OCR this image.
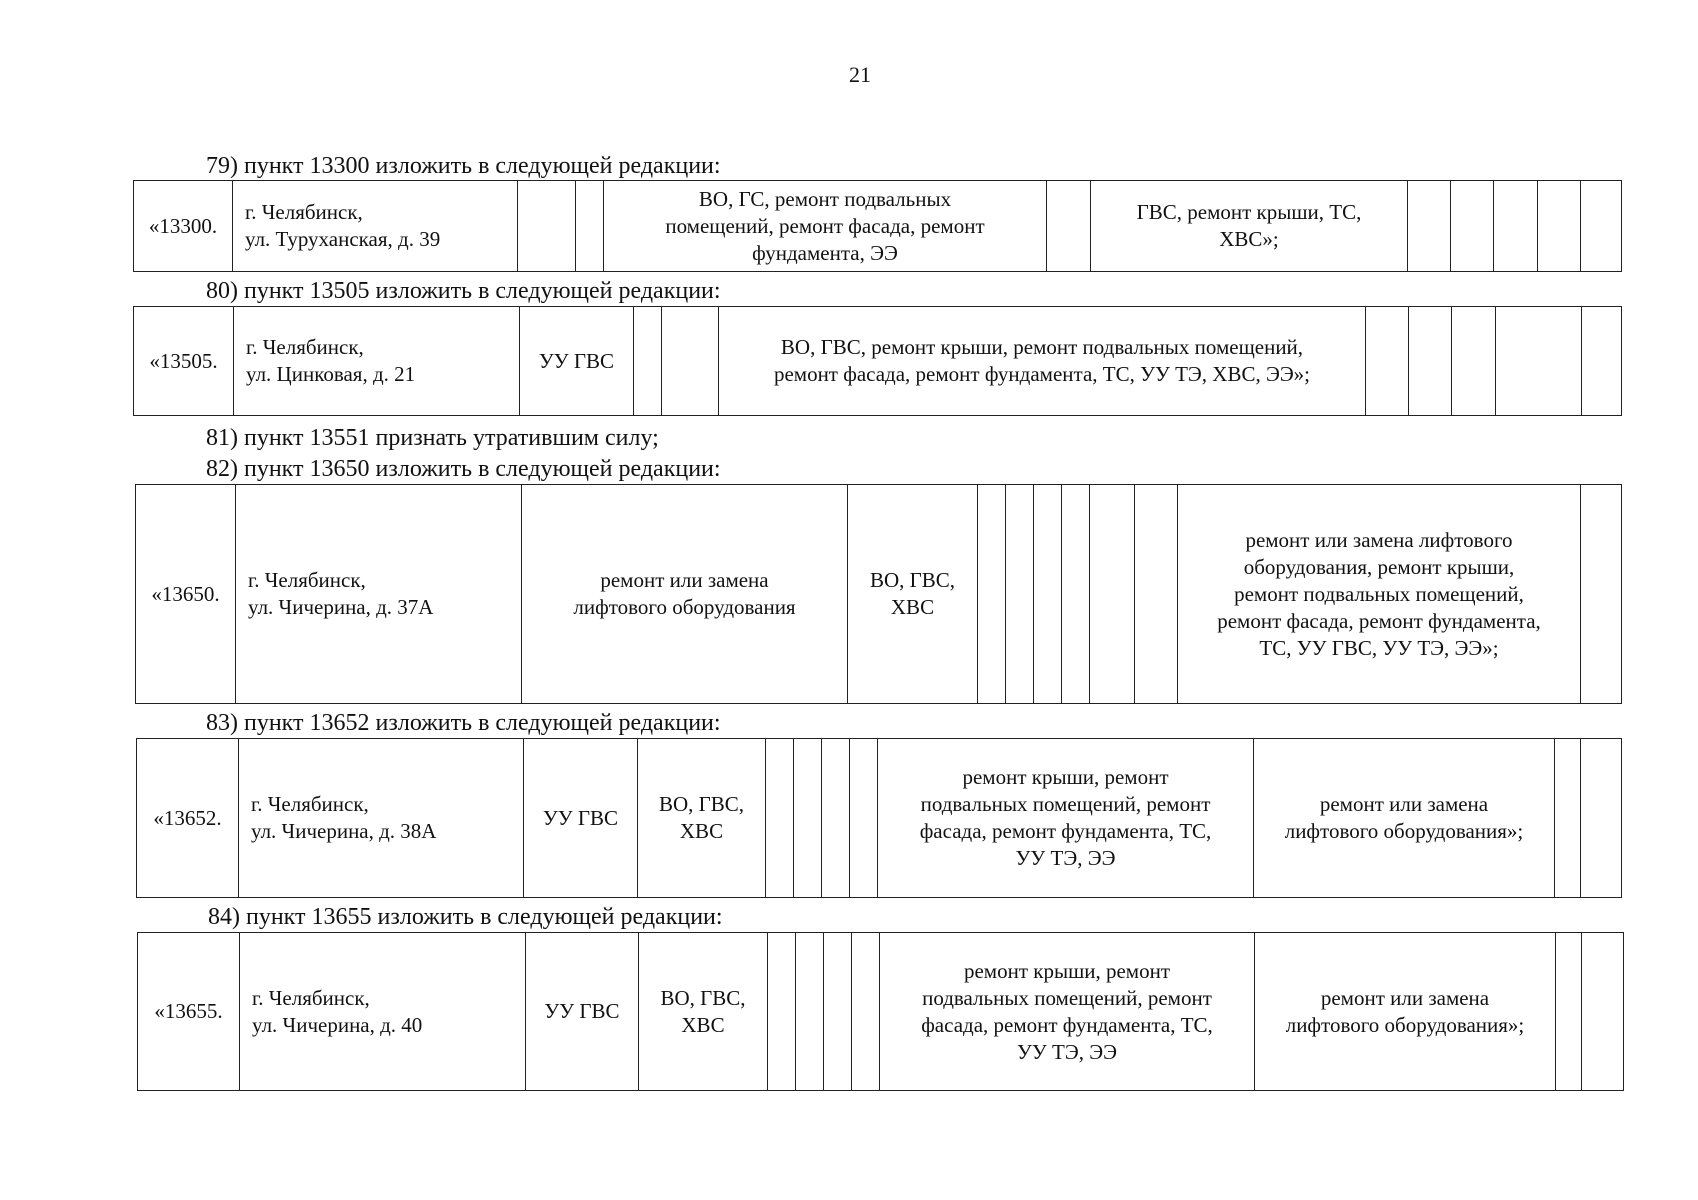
21
79) пункт 13300 изложить в следующей редакции:
«13300.
г. Челябинск,
ул. Туруханская, д. 39
ВО, ГС, ремонт подвальных
помещений, ремонт фасада, ремонт
фундамента, ЭЭ
ГВС, ремонт крыши, ТС,
ХВС»;
80) пункт 13505 изложить в следующей редакции:
«13505.
г. Челябинск,
ул. Цинковая, д. 21
УУ ГВС
ВО, ГВС, ремонт крыши, ремонт подвальных помещений,
ремонт фасада, ремонт фундамента, ТС, УУ ТЭ, ХВС, ЭЭ»;
81) пункт 13551 признать утратившим силу;
82) пункт 13650 изложить в следующей редакции:
«13650.
г. Челябинск,
ул. Чичерина, д. 37А
ремонт или замена
лифтового оборудования
ВО, ГВС,
ХВС
ремонт или замена лифтового
оборудования, ремонт крыши,
ремонт подвальных помещений,
ремонт фасада, ремонт фундамента,
ТС, УУ ГВС, УУ ТЭ, ЭЭ»;
83) пункт 13652 изложить в следующей редакции:
«13652.
г. Челябинск,
ул. Чичерина, д. 38А
УУ ГВС
ВО, ГВС,
ХВС
ремонт крыши, ремонт
подвальных помещений, ремонт
фасада, ремонт фундамента, ТС,
УУ ТЭ, ЭЭ
ремонт или замена
лифтового оборудования»;
84) пункт 13655 изложить в следующей редакции:
«13655.
г. Челябинск,
ул. Чичерина, д. 40
УУ ГВС
ВО, ГВС,
ХВС
ремонт крыши, ремонт
подвальных помещений, ремонт
фасада, ремонт фундамента, ТС,
УУ ТЭ, ЭЭ
ремонт или замена
лифтового оборудования»;
